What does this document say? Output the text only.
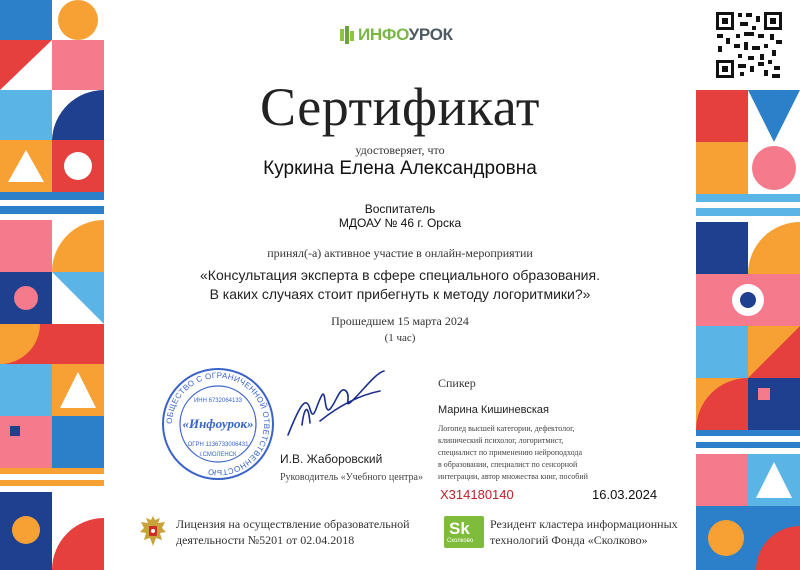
ИНФОУРОК
Сертификат
удостоверяет, что
Куркина Елена Александровна
Воспитатель
МДОАУ № 46 г. Орска
принял(-а) активное участие в онлайн-мероприятии
«Консультация эксперта в сфере специального образования.
В каких случаях стоит прибегнуть к методу логоритмики?»
Прошедшем 15 марта 2024
(1 час)
ОБЩЕСТВО С ОГРАНИЧЕННОЙ ОТВЕТСТВЕННОСТЬЮ
ИНН 6732064133
«Инфоурок»
ОГРН 1136733006431
г.СМОЛЕНСК	И.В. Жаборовский
Руководитель «Учебного центра»
Спикер
Марина Кишиневская
Логопед высшей категории, дефектолог,
клинический психолог, логоритмист,
специалист по применению нейроподхода
в образовании, специалист по сенсорной
интеграции, автор множества книг, пособий
Х314180140	16.03.2024
Лицензия на осуществление образовательной
деятельности №5201 от 02.04.2018
Sk
Сколково
Резидент кластера информационных
технологий Фонда «Сколково»
